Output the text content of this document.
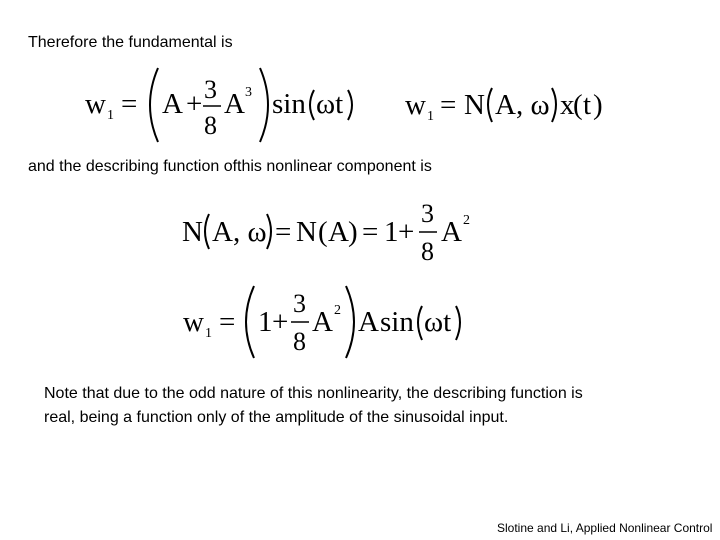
Therefore the fundamental is
w 1 = A + 3
8
A 3 sin ωt w 1 = N A, ω x
( t )
and the describing function ofthis nonlinear component is
N A, ω = N ( A ) = 1 +
3
8
A 2
w 1 = 1 +
3
8
A 2 A sin ωt
Note that due to the odd nature of this nonlinearity, the describing function is
real, being a function only of the amplitude of the sinusoidal input.
Slotine and Li, Applied Nonlinear Control
